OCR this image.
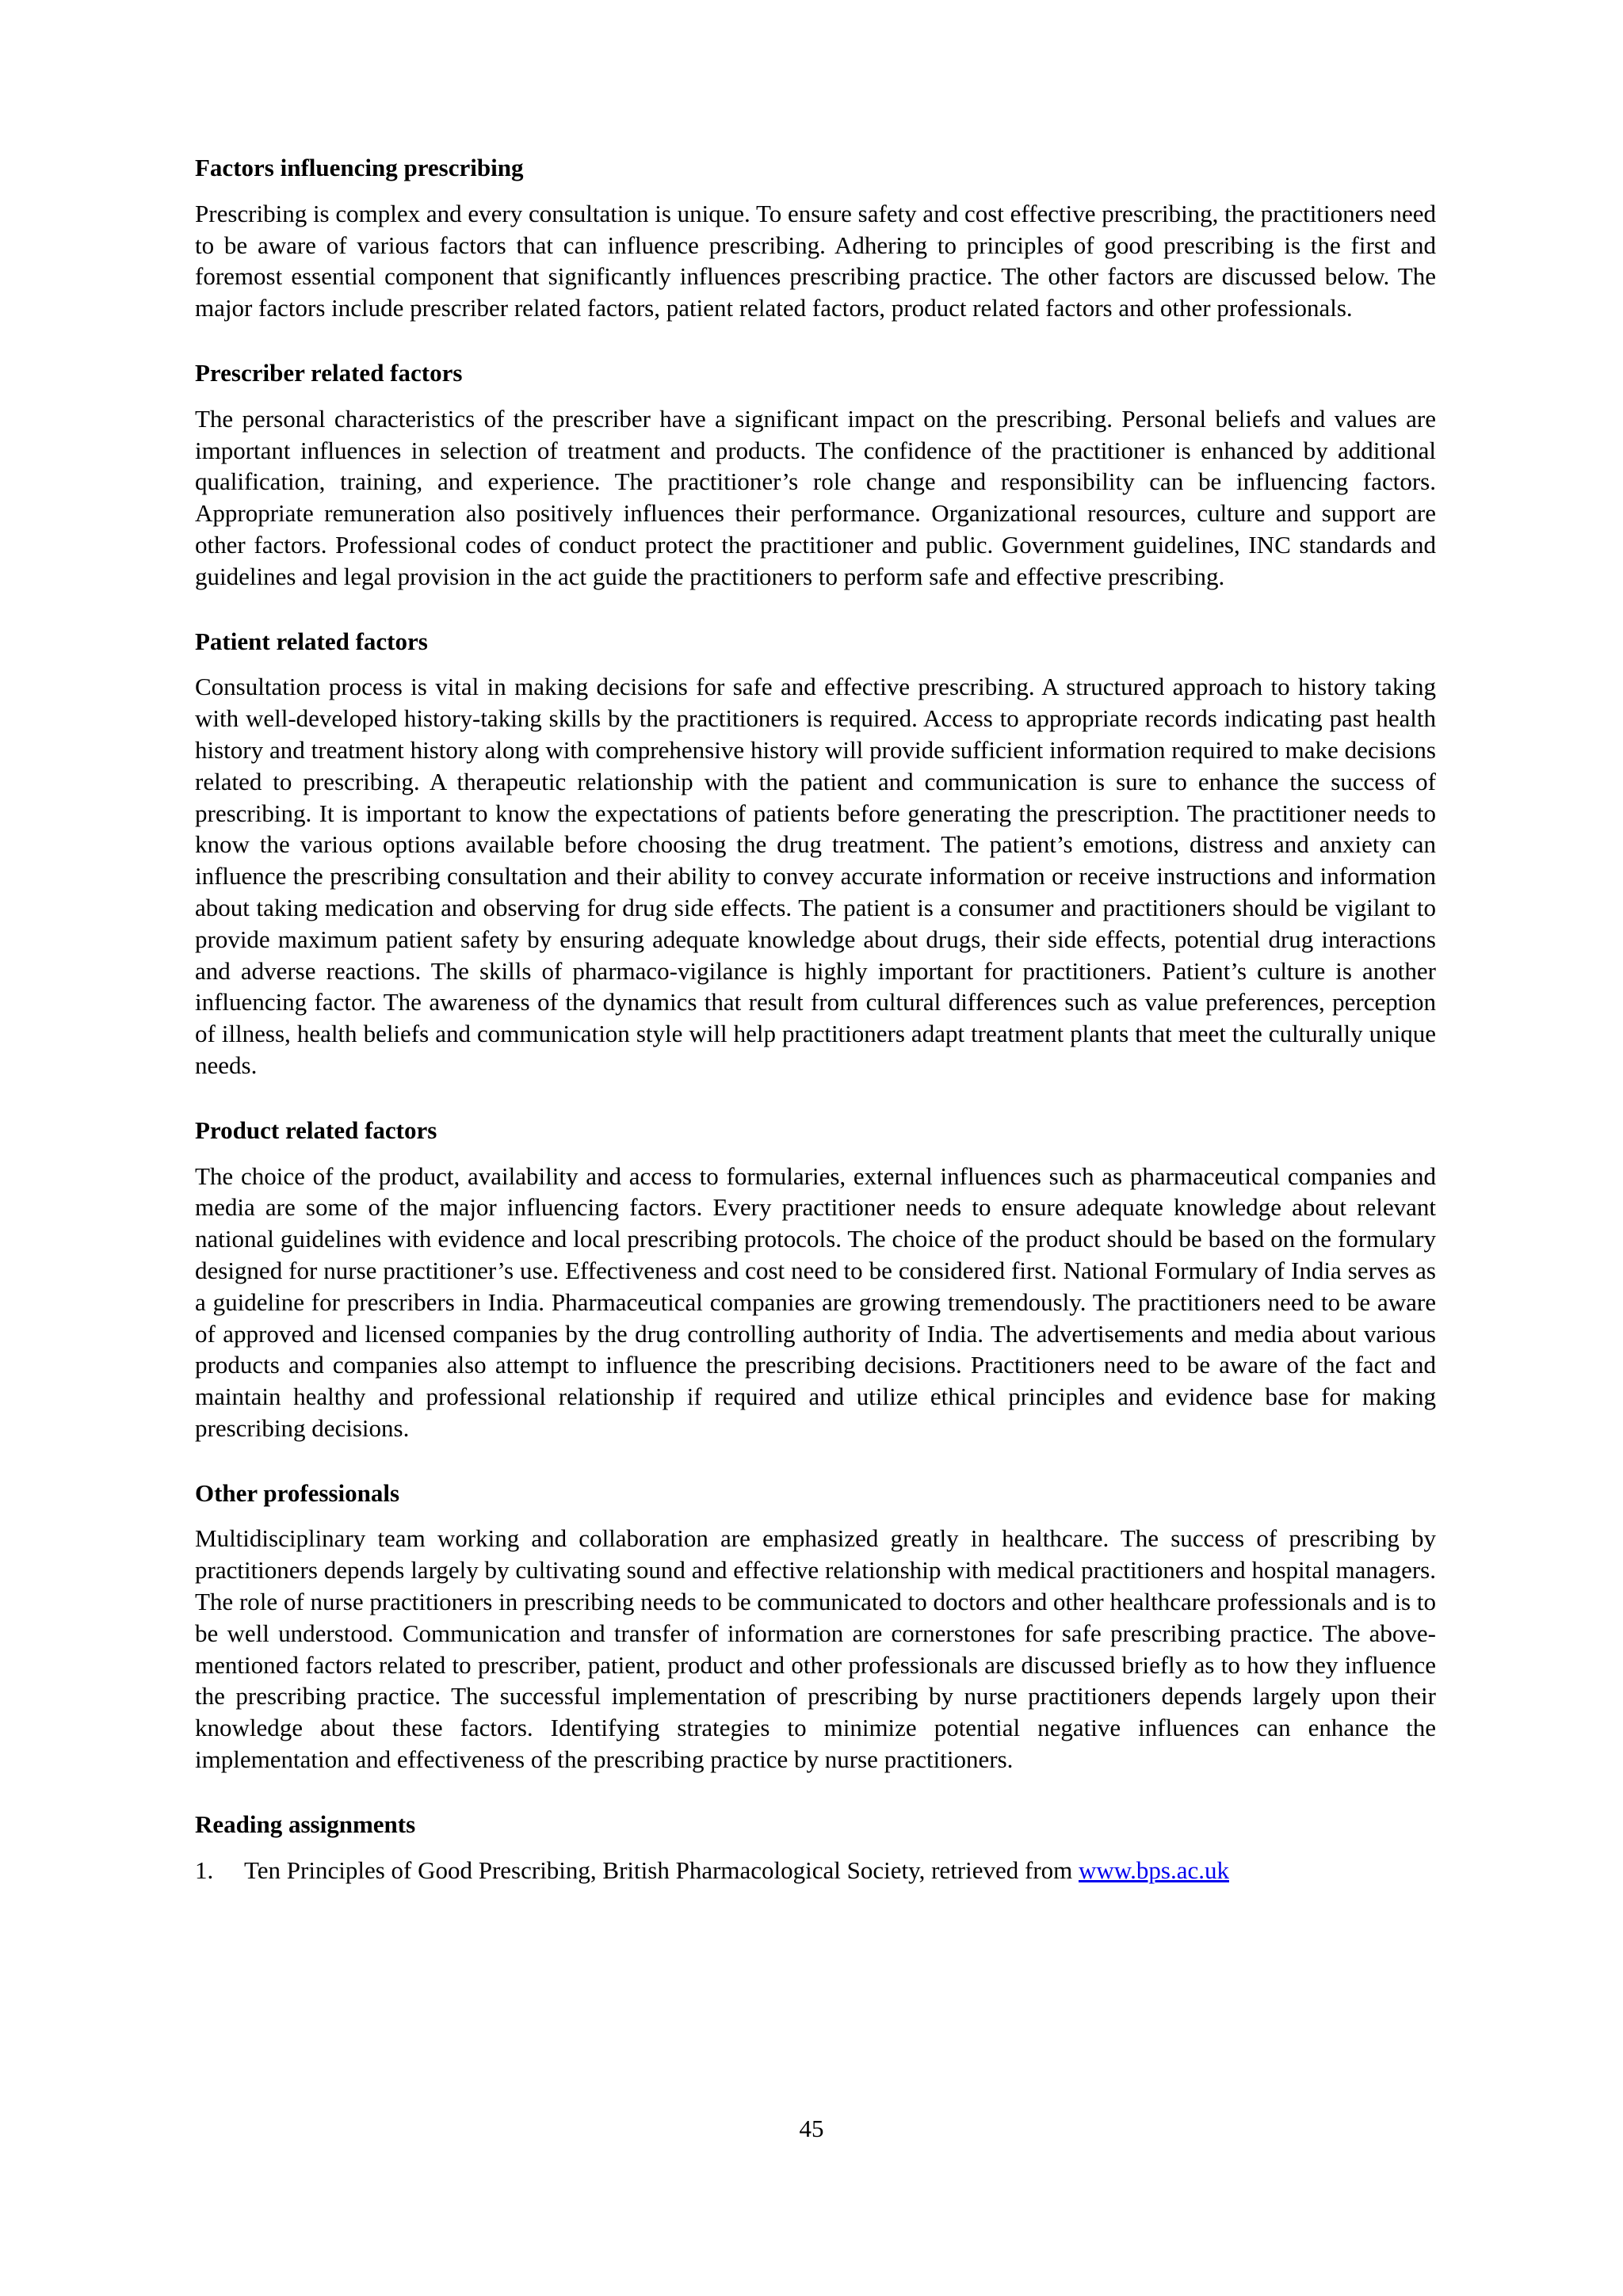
Factors influencing prescribing
Prescribing is complex and every consultation is unique. To ensure safety and cost effective prescribing, the practitioners need to be aware of various factors that can influence prescribing. Adhering to principles of good prescribing is the first and foremost essential component that significantly influences prescribing practice. The other factors are discussed below. The major factors include prescriber related factors, patient related factors, product related factors and other professionals.
Prescriber related factors
The personal characteristics of the prescriber have a significant impact on the prescribing. Personal beliefs and values are important influences in selection of treatment and products. The confidence of the practitioner is enhanced by additional qualification, training, and experience. The practitioner’s role change and responsibility can be influencing factors. Appropriate remuneration also positively influences their performance. Organizational resources, culture and support are other factors. Professional codes of conduct protect the practitioner and public. Government guidelines, INC standards and guidelines and legal provision in the act guide the practitioners to perform safe and effective prescribing.
Patient related factors
Consultation process is vital in making decisions for safe and effective prescribing. A structured approach to history taking with well-developed history-taking skills by the practitioners is required. Access to appropriate records indicating past health history and treatment history along with comprehensive history will provide sufficient information required to make decisions related to prescribing. A therapeutic relationship with the patient and communication is sure to enhance the success of prescribing. It is important to know the expectations of patients before generating the prescription. The practitioner needs to know the various options available before choosing the drug treatment. The patient’s emotions, distress and anxiety can influence the prescribing consultation and their ability to convey accurate information or receive instructions and information about taking medication and observing for drug side effects. The patient is a consumer and practitioners should be vigilant to provide maximum patient safety by ensuring adequate knowledge about drugs, their side effects, potential drug interactions and adverse reactions. The skills of pharmaco-vigilance is highly important for practitioners. Patient’s culture is another influencing factor. The awareness of the dynamics that result from cultural differences such as value preferences, perception of illness, health beliefs and communication style will help practitioners adapt treatment plants that meet the culturally unique needs.
Product related factors
The choice of the product, availability and access to formularies, external influences such as pharmaceutical companies and media are some of the major influencing factors. Every practitioner needs to ensure adequate knowledge about relevant national guidelines with evidence and local prescribing protocols. The choice of the product should be based on the formulary designed for nurse practitioner’s use. Effectiveness and cost need to be considered first. National Formulary of India serves as a guideline for prescribers in India. Pharmaceutical companies are growing tremendously. The practitioners need to be aware of approved and licensed companies by the drug controlling authority of India. The advertisements and media about various products and companies also attempt to influence the prescribing decisions. Practitioners need to be aware of the fact and maintain healthy and professional relationship if required and utilize ethical principles and evidence base for making prescribing decisions.
Other professionals
Multidisciplinary team working and collaboration are emphasized greatly in healthcare. The success of prescribing by practitioners depends largely by cultivating sound and effective relationship with medical practitioners and hospital managers. The role of nurse practitioners in prescribing needs to be communicated to doctors and other healthcare professionals and is to be well understood. Communication and transfer of information are cornerstones for safe prescribing practice. The above-mentioned factors related to prescriber, patient, product and other professionals are discussed briefly as to how they influence the prescribing practice. The successful implementation of prescribing by nurse practitioners depends largely upon their knowledge about these factors. Identifying strategies to minimize potential negative influences can enhance the implementation and effectiveness of the prescribing practice by nurse practitioners.
Reading assignments
1.	Ten Principles of Good Prescribing, British Pharmacological Society, retrieved from www.bps.ac.uk
45
